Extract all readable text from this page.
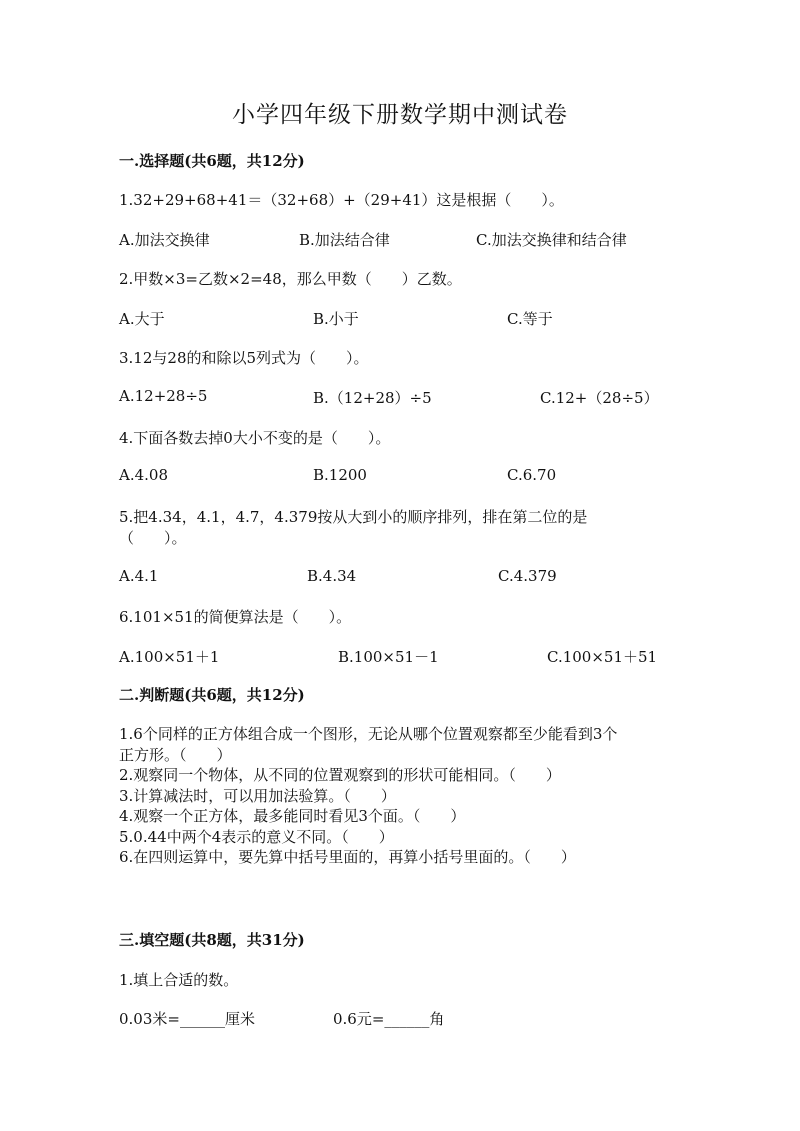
小学四年级下册数学期中测试卷
一.选择题(共6题，共12分)
1.32+29+68+41＝（32+68）+（29+41）这是根据（　　）。
A.加法交换律	B.加法结合律	C.加法交换律和结合律
2.甲数×3=乙数×2=48，那么甲数（　　）乙数。
A.大于	B.小于	C.等于
3.12与28的和除以5列式为（　　）。
A.12+28÷5	B.（12+28）÷5	C.12+（28÷5）
4.下面各数去掉0大小不变的是（　　）。
A.4.08	B.1200	C.6.70
5.把4.34，4.1，4.7，4.379按从大到小的顺序排列，排在第二位的是
（　　）。
A.4.1	B.4.34	C.4.379
6.101×51的简便算法是（　　）。
A.100×51＋1	B.100×51－1	C.100×51＋51
二.判断题(共6题，共12分)
1.6个同样的正方体组合成一个图形，无论从哪个位置观察都至少能看到3个
正方形。（　　）
2.观察同一个物体，从不同的位置观察到的形状可能相同。（　　）
3.计算减法时，可以用加法验算。（　　）
4.观察一个正方体，最多能同时看见3个面。（　　）
5.0.44中两个4表示的意义不同。（　　）
6.在四则运算中，要先算中括号里面的，再算小括号里面的。（　　）
三.填空题(共8题，共31分)
1.填上合适的数。
0.03米=______厘米	0.6元=______角
